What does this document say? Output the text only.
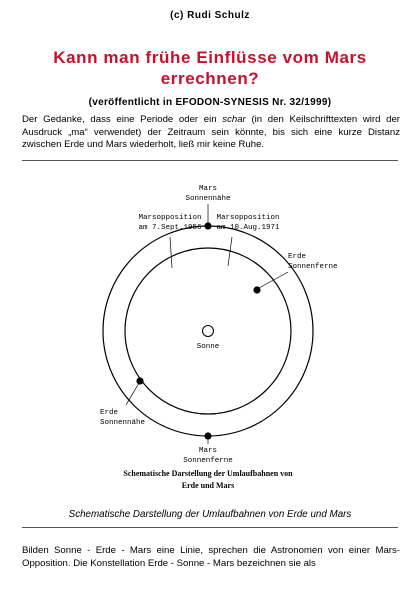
(c) Rudi Schulz
Kann man frühe Einflüsse vom Mars errechnen?
(veröffentlicht in EFODON-SYNESIS Nr. 32/1999)
Der Gedanke, dass eine Periode oder ein schar (in den Keilschrifttexten wird der Ausdruck „ma“ verwendet) der Zeitraum sein könnte, bis sich eine kurze Distanz zwischen Erde und Mars wiederholt, ließ mir keine Ruhe.
Mars
Sonnennähe
Marsopposition
am 7.Sept.1956
Marsopposition
am 10.Aug.1971
Erde
Sonnenferne
Sonne
Erde
Sonnennähe
Mars
Sonnenferne
Schematische Darstellung der Umlaufbahnen von
Erde und Mars
Schematische Darstellung der Umlaufbahnen von Erde und Mars
Bilden Sonne - Erde - Mars eine Linie, sprechen die Astronomen von einer Mars-Opposition. Die Konstellation Erde - Sonne - Mars bezeichnen sie als
